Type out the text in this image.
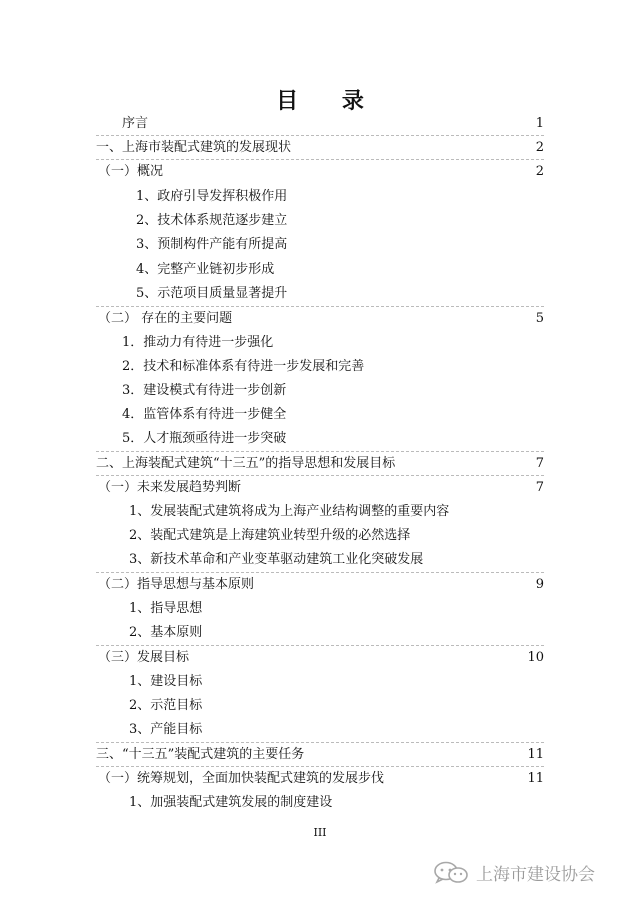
目 录
序言	1
一、上海市装配式建筑的发展现状	2
（一）概况	2
1、政府引导发挥积极作用
2、技术体系规范逐步建立
3、预制构件产能有所提高
4、完整产业链初步形成
5、示范项目质量显著提升
（二） 存在的主要问题	5
1．推动力有待进一步强化
2．技术和标准体系有待进一步发展和完善
3．建设模式有待进一步创新
4．监管体系有待进一步健全
5．人才瓶颈亟待进一步突破
二、上海装配式建筑“十三五”的指导思想和发展目标	7
（一）未来发展趋势判断	7
1、发展装配式建筑将成为上海产业结构调整的重要内容
2、装配式建筑是上海建筑业转型升级的必然选择
3、新技术革命和产业变革驱动建筑工业化突破发展
（二）指导思想与基本原则	9
1、指导思想
2、基本原则
（三）发展目标	10
1、建设目标
2、示范目标
3、产能目标
三、“十三五”装配式建筑的主要任务	11
（一）统筹规划，全面加快装配式建筑的发展步伐	11
1、加强装配式建筑发展的制度建设
III
上海市建设协会
